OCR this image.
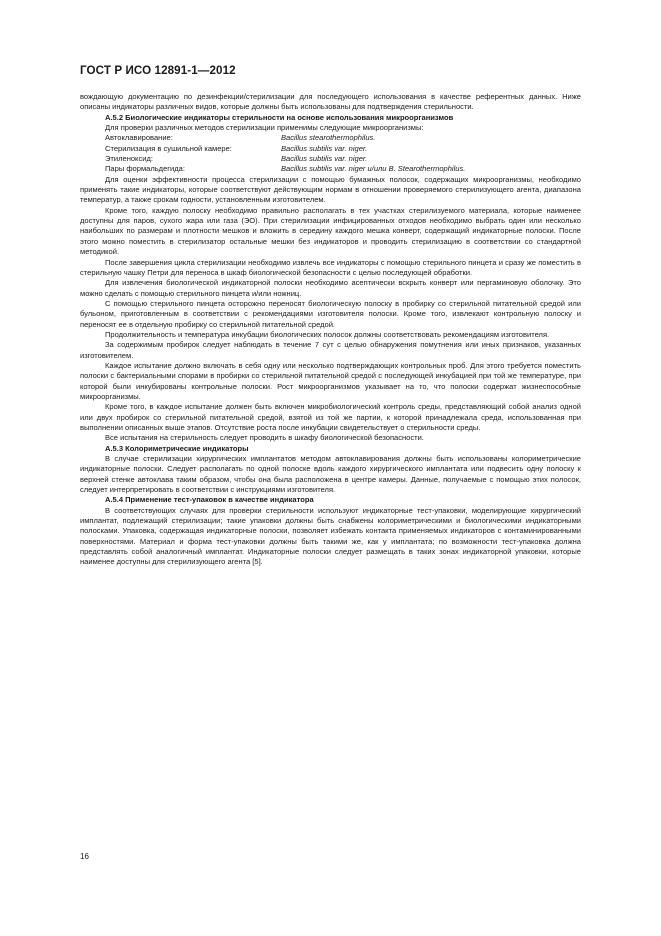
ГОСТ Р ИСО 12891-1—2012

вождающую документацию по дезинфекции/стерилизации для последующего использования в качестве референтных данных. Ниже описаны индикаторы различных видов, которые должны быть использованы для подтверждения стерильности.

А.5.2 Биологические индикаторы стерильности на основе использования микроорганизмов

Для проверки различных методов стерилизации применимы следующие микроорганизмы:

Автоклавирование:	Bacillus stearothermophilus.
Стерилизация в сушильной камере:	Bacillus subtilis var. niger.
Этиленоксид:	Bacillus subtilis var. niger.
Пары формальдегида:	Bacillus subtilis var. niger и/или B. Stearothermophilus.

Для оценки эффективности процесса стерилизации с помощью бумажных полосок, содержащих микроорганизмы, необходимо применять такие индикаторы, которые соответствуют действующим нормам в отношении проверяемого стерилизующего агента, диапазона температур, а также срокам годности, установленным изготовителем.

Кроме того, каждую полоску необходимо правильно располагать в тех участках стерилизуемого материала, которые наименее доступны для паров, сухого жара или газа (ЭО). При стерилизации инфицированных отходов необходимо выбрать один или несколько наибольших по размерам и плотности мешков и вложить в середину каждого мешка конверт, содержащий индикаторные полоски. После этого можно поместить в стерилизатор остальные мешки без индикаторов и проводить стерилизацию в соответствии со стандартной методикой.

После завершения цикла стерилизации необходимо извлечь все индикаторы с помощью стерильного пинцета и сразу же поместить в стерильную чашку Петри для переноса в шкаф биологической безопасности с целью последующей обработки.

Для извлечения биологической индикаторной полоски необходимо асептически вскрыть конверт или пергаминовую оболочку. Это можно сделать с помощью стерильного пинцета и/или ножниц.

С помощью стерильного пинцета осторожно переносят биологическую полоску в пробирку со стерильной питательной средой или бульоном, приготовленным в соответствии с рекомендациями изготовителя полоски. Кроме того, извлекают контрольную полоску и переносят ее в отдельную пробирку со стерильной питательной средой.

Продолжительность и температура инкубации биологических полосок должны соответствовать рекомендациям изготовителя.

За содержимым пробирок следует наблюдать в течение 7 сут с целью обнаружения помутнения или иных признаков, указанных изготовителем.

Каждое испытание должно включать в себя одну или несколько подтверждающих контрольных проб. Для этого требуется поместить полоски с бактериальными спорами в пробирки со стерильной питательной средой с последующей инкубацией при той же температуре, при которой были инкубированы контрольные полоски. Рост микроорганизмов указывает на то, что полоски содержат жизнеспособные микроорганизмы.

Кроме того, в каждое испытание должен быть включен микробиологический контроль среды, представляющий собой анализ одной или двух пробирок со стерильной питательной средой, взятой из той же партии, к которой принадлежала среда, использованная при выполнении описанных выше этапов. Отсутствие роста после инкубации свидетельствует о стерильности среды.

Все испытания на стерильность следует проводить в шкафу биологической безопасности.

А.5.3 Колориметрические индикаторы

В случае стерилизации хирургических имплантатов методом автоклавирования должны быть использованы колориметрические индикаторные полоски. Следует располагать по одной полоске вдоль каждого хирургического имплантата или подвесить одну полоску к верхней стенке автоклава таким образом, чтобы она была расположена в центре камеры. Данные, получаемые с помощью этих полосок, следует интерпретировать в соответствии с инструкциями изготовителя.

А.5.4 Применение тест-упаковок в качестве индикатора

В соответствующих случаях для проверки стерильности используют индикаторные тест-упаковки, моделирующие хирургический имплантат, подлежащий стерилизации; такие упаковки должны быть снабжены колориметрическими и биологическими индикаторными полосками. Упаковка, содержащая индикаторные полоски, позволяет избежать контакта применяемых индикаторов с контаминированными поверхностями. Материал и форма тест-упаковки должны быть такими же, как у имплантата; по возможности тест-упаковка должна представлять собой аналогичный имплантат. Индикаторные полоски следует размещать в таких зонах индикаторной упаковки, которые наименее доступны для стерилизующего агента [5].

16
